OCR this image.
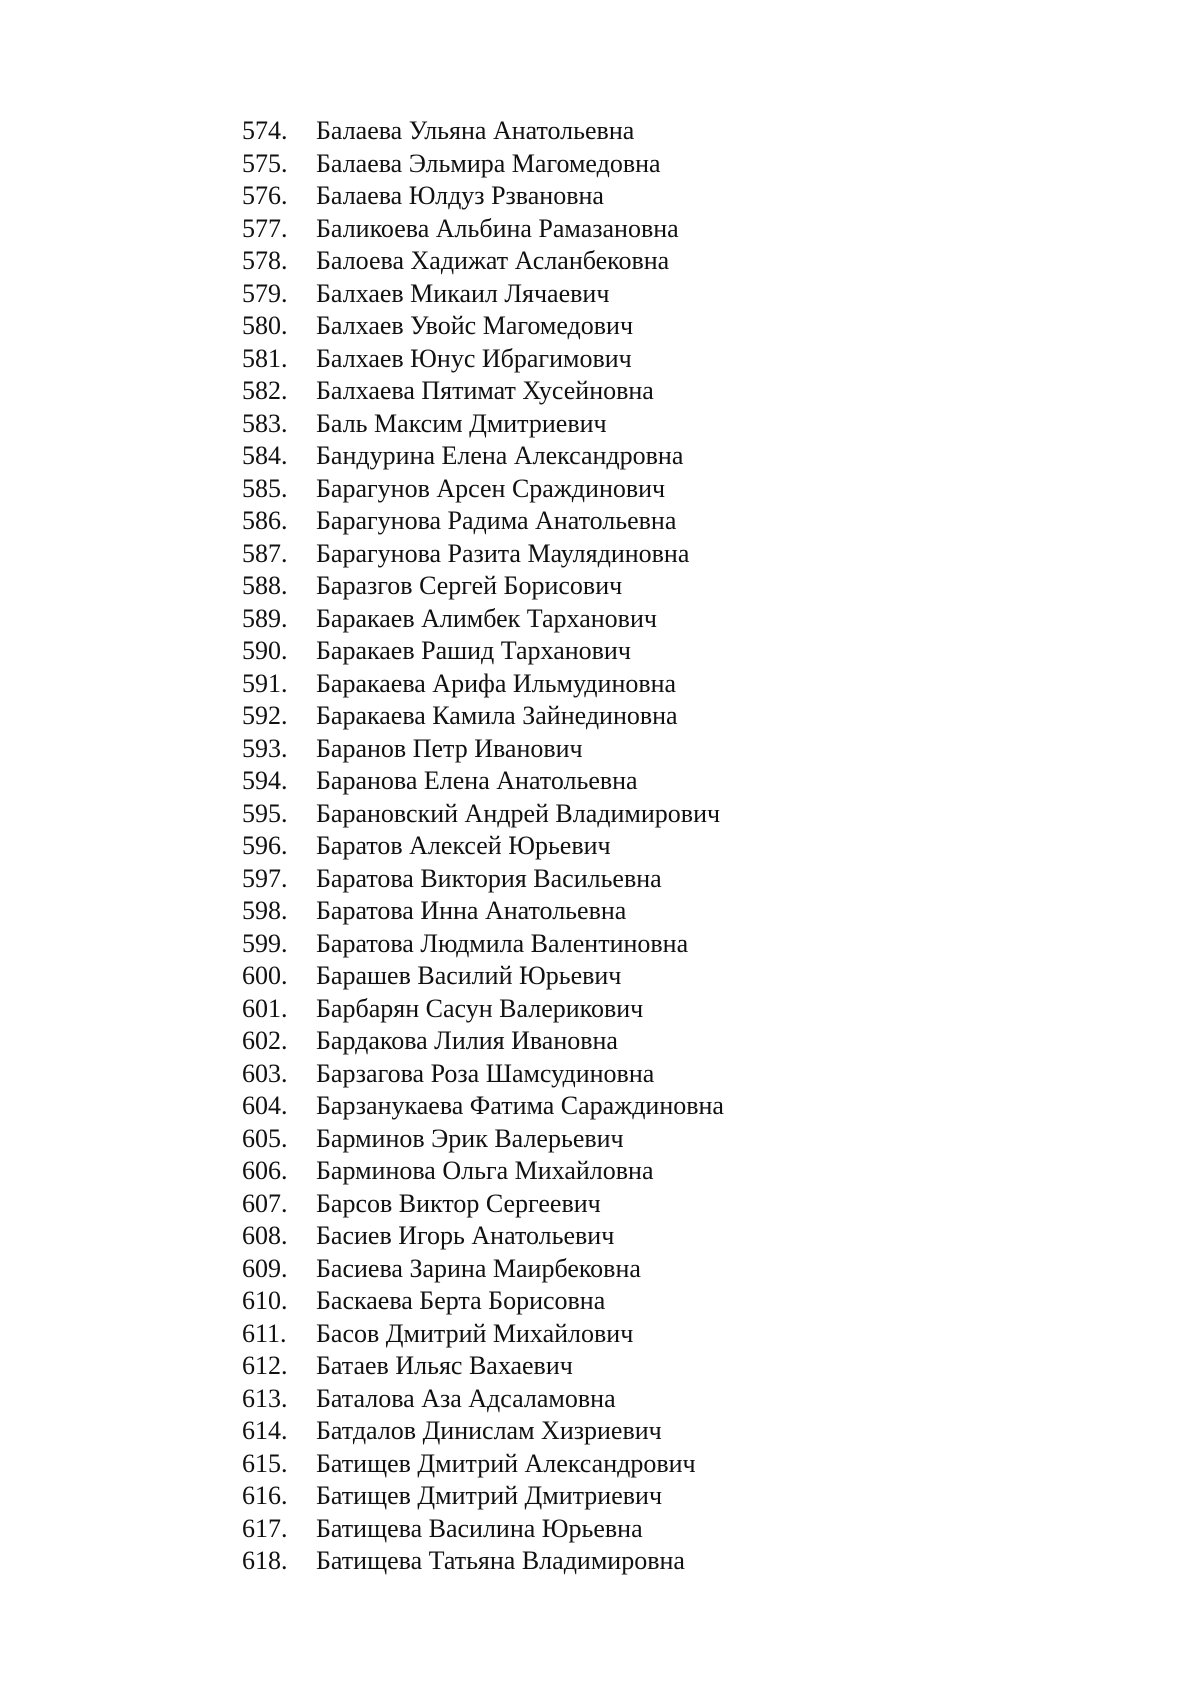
574. Балаева Ульяна Анатольевна
575. Балаева Эльмира Магомедовна
576. Балаева Юлдуз Рзвановна
577. Баликоева Альбина Рамазановна
578. Балоева Хадижат Асланбековна
579. Балхаев Микаил Лячаевич
580. Балхаев Увойс Магомедович
581. Балхаев Юнус Ибрагимович
582. Балхаева Пятимат Хусейновна
583. Баль Максим Дмитриевич
584. Бандурина Елена Александровна
585. Барагунов Арсен Сраждинович
586. Барагунова Радима Анатольевна
587. Барагунова Разита Маулядиновна
588. Баразгов Сергей Борисович
589. Баракаев Алимбек Тарханович
590. Баракаев Рашид Тарханович
591. Баракаева Арифа Ильмудиновна
592. Баракаева Камила Зайнединовна
593. Баранов Петр Иванович
594. Баранова Елена Анатольевна
595. Барановский Андрей Владимирович
596. Баратов Алексей Юрьевич
597. Баратова Виктория Васильевна
598. Баратова Инна Анатольевна
599. Баратова Людмила Валентиновна
600. Барашев Василий Юрьевич
601. Барбарян Сасун Валерикович
602. Бардакова Лилия Ивановна
603. Барзагова Роза Шамсудиновна
604. Барзанукаева Фатима Сараждиновна
605. Барминов Эрик Валерьевич
606. Барминова Ольга Михайловна
607. Барсов Виктор Сергеевич
608. Басиев Игорь Анатольевич
609. Басиева Зарина Маирбековна
610. Баскаева Берта Борисовна
611. Басов Дмитрий Михайлович
612. Батаев Ильяс Вахаевич
613. Баталова Аза Адсаламовна
614. Батдалов Динислам Хизриевич
615. Батищев Дмитрий Александрович
616. Батищев Дмитрий Дмитриевич
617. Батищева Василина Юрьевна
618. Батищева Татьяна Владимировна
